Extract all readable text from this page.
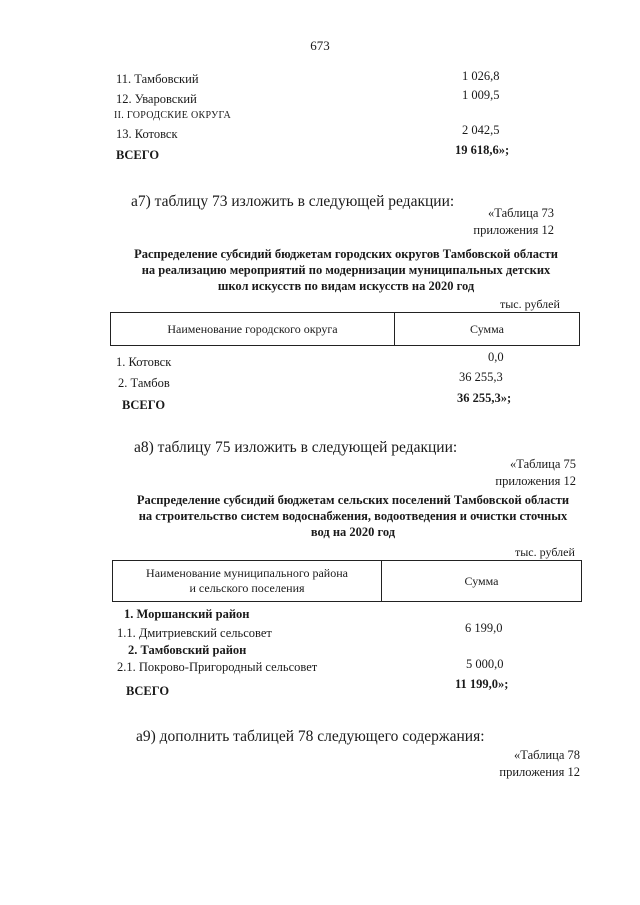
673
11. Тамбовский	1 026,8
12. Уваровский	1 009,5
II. ГОРОДСКИЕ ОКРУГА
13. Котовск	2 042,5
ВСЕГО	19 618,6»;
а7) таблицу 73 изложить в следующей редакции:
«Таблица 73
приложения 12
Распределение субсидий бюджетам городских округов Тамбовской области
на реализацию мероприятий по модернизации муниципальных детских
школ искусств по видам искусств на 2020 год
тыс. рублей
Наименование городского округа	Сумма
1. Котовск	0,0
2. Тамбов	36 255,3
ВСЕГО	36 255,3»;
а8) таблицу 75 изложить в следующей редакции:
«Таблица 75
приложения 12
Распределение субсидий бюджетам сельских поселений Тамбовской области
на строительство систем водоснабжения, водоотведения и очистки сточных
вод на 2020 год
тыс. рублей
Наименование муниципального района
и сельского поселения
	Сумма
1. Моршанский район
1.1. Дмитриевский сельсовет	6 199,0
2. Тамбовский район
2.1. Покрово-Пригородный сельсовет	5 000,0
ВСЕГО	11 199,0»;
а9) дополнить таблицей 78 следующего содержания:
«Таблица 78
приложения 12
